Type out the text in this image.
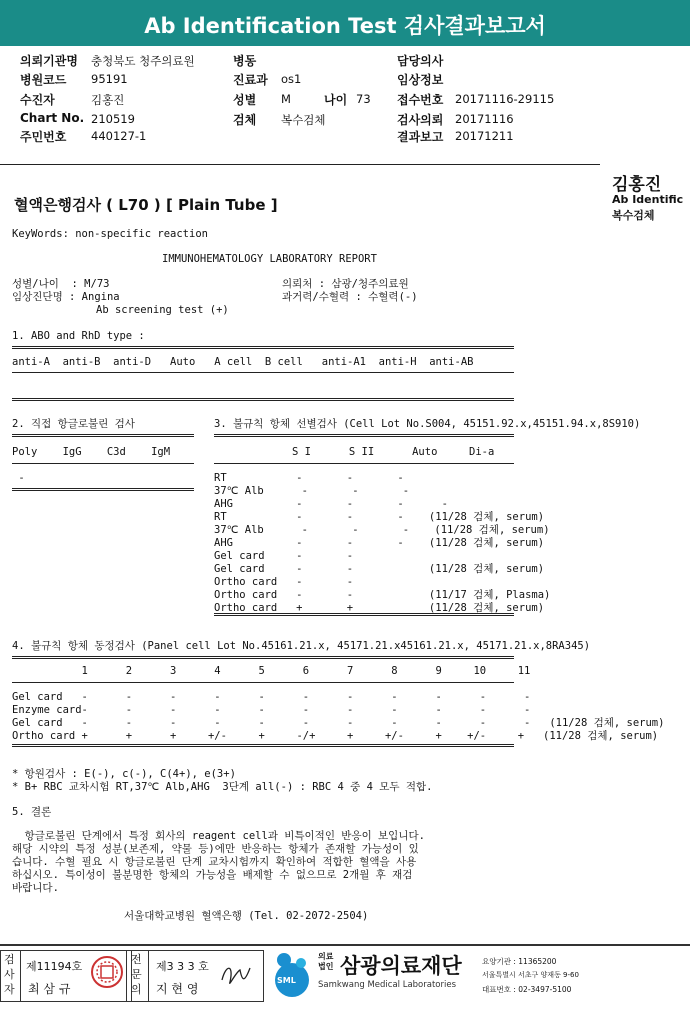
Ab Identification Test 검사결과보고서
의뢰기관명 충청북도 청주의료원
병원코드 95191
수진자	김홍진
Chart No. 210519
주민번호 440127-1
병동
진료과 os1
성별 M
검체 복수검체
나이 73
담당의사
임상정보
접수번호 20171116-29115
검사의뢰 20171116
결과보고 20171211
김홍진
Ab Identific
복수검체
혈액은행검사 ( L70 ) [ Plain Tube ]
KeyWords: non-specific reaction
IMMUNOHEMATOLOGY LABORATORY REPORT
성별/나이  : M/73	의뢰처 : 삼광/청주의료원
임상진단명 : Angina	과거력/수혈력 : 수혈력(-)
Ab screening test (+)
1. ABO and RhD type :
anti-A  anti-B  anti-D   Auto   A cell  B cell   anti-A1  anti-H  anti-AB
2. 직접 항글로불린 검사
Poly    IgG    C3d    IgM
-
3. 불규칙 항체 선별검사 (Cell Lot No.S004, 45151.92.x,45151.94.x,8S910)
S I      S II      Auto     Di-a
RT           -       -       -
37℃ Alb      -       -       -
AHG          -       -       -      -
RT           -       -       -    (11/28 검체, serum)
37℃ Alb      -       -       -    (11/28 검체, serum)
AHG          -       -       -    (11/28 검체, serum)
Gel card     -       -
Gel card     -       -            (11/28 검체, serum)
Ortho card   -       -
Ortho card   -       -            (11/17 검체, Plasma)
Ortho card   +       +            (11/28 검체, serum)
4. 불규칙 항체 동정검사 (Panel cell Lot No.45161.21.x, 45171.21.x45161.21.x, 45171.21.x,8RA345)
1      2      3      4      5      6      7      8      9     10     11
Gel card   -      -      -      -      -      -      -      -      -      -      -
Enzyme card-      -      -      -      -      -      -      -      -      -      -
Gel card   -      -      -      -      -      -      -      -      -      -      -   (11/28 검체, serum)
Ortho card +      +      +     +/-     +     -/+     +     +/-     +    +/-     +   (11/28 검체, serum)
* 항원검사 : E(-), c(-), C(4+), e(3+)
* B+ RBC 교차시험 RT,37℃ Alb,AHG  3단계 all(-) : RBC 4 중 4 모두 적합.
5. 결론
항글로불린 단계에서 특정 회사의 reagent cell과 비특이적인 반응이 보입니다.
해당 시약의 특정 성분(보존제, 약물 등)에만 반응하는 항체가 존재할 가능성이 있
습니다. 수혈 필요 시 항글로불린 단계 교차시험까지 확인하여 적합한 혈액을 사용
하십시오. 특이성이 불분명한 항체의 가능성을 배제할 수 없으므로 2개월 후 재검
바랍니다.
서울대학교병원 혈액은행 (Tel. 02-2072-2504)
검사자
제11194호
최 삼 규
전문의
제3 3 3 호
지 현 영
SML
의료
법인 삼광의료재단
Samkwang Medical Laboratories
요양기관 : 11365200
서울특별시 서초구 양재동 9-60
대표번호 : 02-3497-5100
